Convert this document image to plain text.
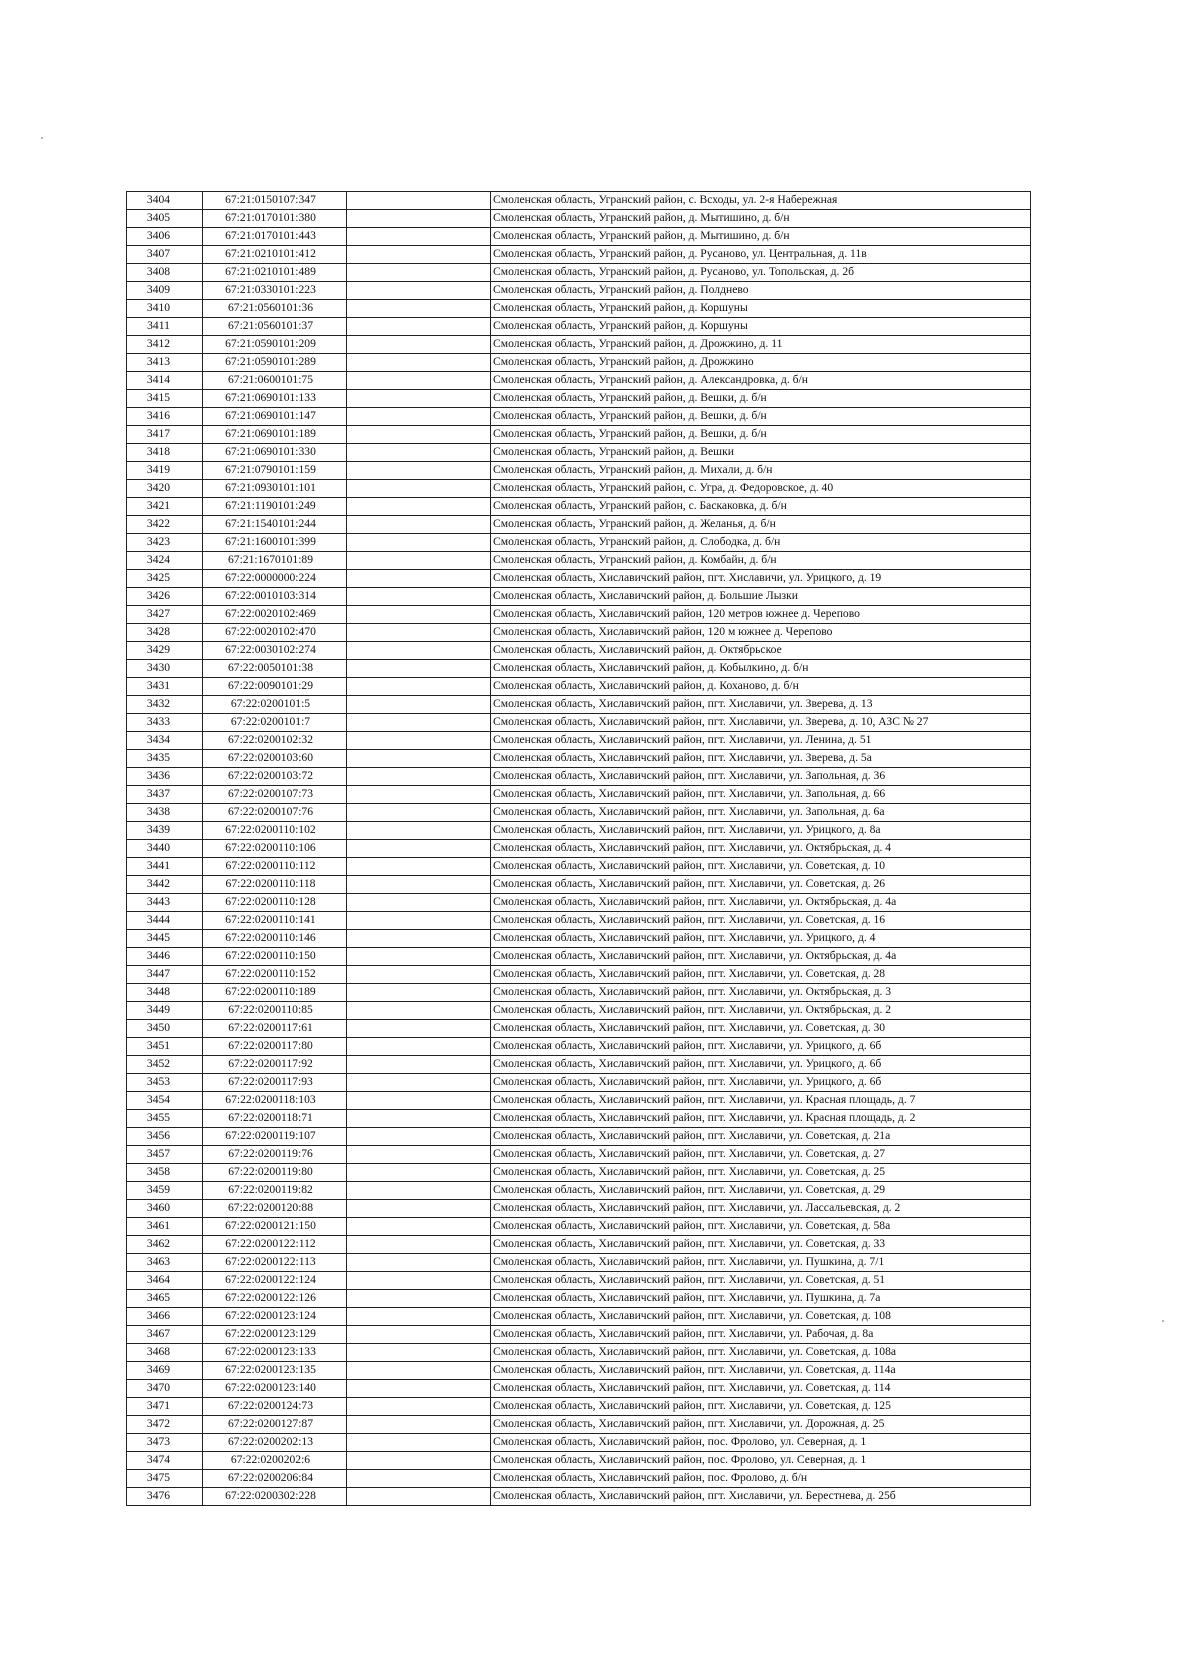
3404	67:21:0150107:347		Смоленская область, Угранский район, с. Всходы, ул. 2-я Набережная
3405	67:21:0170101:380		Смоленская область, Угранский район, д. Мытишино, д. б/н
3406	67:21:0170101:443		Смоленская область, Угранский район, д. Мытишино, д. б/н
3407	67:21:0210101:412		Смоленская область, Угранский район, д. Русаново, ул. Центральная, д. 11в
3408	67:21:0210101:489		Смоленская область, Угранский район, д. Русаново, ул. Топольская, д. 2б
3409	67:21:0330101:223		Смоленская область, Угранский район, д. Полднево
3410	67:21:0560101:36		Смоленская область, Угранский район, д. Коршуны
3411	67:21:0560101:37		Смоленская область, Угранский район, д. Коршуны
3412	67:21:0590101:209		Смоленская область, Угранский район, д. Дрожжино, д. 11
3413	67:21:0590101:289		Смоленская область, Угранский район, д. Дрожжино
3414	67:21:0600101:75		Смоленская область, Угранский район, д. Александровка, д. б/н
3415	67:21:0690101:133		Смоленская область, Угранский район, д. Вешки, д. б/н
3416	67:21:0690101:147		Смоленская область, Угранский район, д. Вешки, д. б/н
3417	67:21:0690101:189		Смоленская область, Угранский район, д. Вешки, д. б/н
3418	67:21:0690101:330		Смоленская область, Угранский район, д. Вешки
3419	67:21:0790101:159		Смоленская область, Угранский район, д. Михали, д. б/н
3420	67:21:0930101:101		Смоленская область, Угранский район, с. Угра, д. Федоровское, д. 40
3421	67:21:1190101:249		Смоленская область, Угранский район, с. Баскаковка, д. б/н
3422	67:21:1540101:244		Смоленская область, Угранский район, д. Желанья, д. б/н
3423	67:21:1600101:399		Смоленская область, Угранский район, д. Слободка, д. б/н
3424	67:21:1670101:89		Смоленская область, Угранский район, д. Комбайн, д. б/н
3425	67:22:0000000:224		Смоленская область, Хиславичский район, пгт. Хиславичи, ул. Урицкого, д. 19
3426	67:22:0010103:314		Смоленская область, Хиславичский район, д. Большие Лызки
3427	67:22:0020102:469		Смоленская область, Хиславичский район, 120 метров южнее д. Черепово
3428	67:22:0020102:470		Смоленская область, Хиславичский район, 120 м южнее д. Черепово
3429	67:22:0030102:274		Смоленская область, Хиславичский район, д. Октябрьское
3430	67:22:0050101:38		Смоленская область, Хиславичский район, д. Кобылкино, д. б/н
3431	67:22:0090101:29		Смоленская область, Хиславичский район, д. Коханово, д. б/н
3432	67:22:0200101:5		Смоленская область, Хиславичский район, пгт. Хиславичи, ул. Зверева, д. 13
3433	67:22:0200101:7		Смоленская область, Хиславичский район, пгт. Хиславичи, ул. Зверева, д. 10, АЗС № 27
3434	67:22:0200102:32		Смоленская область, Хиславичский район, пгт. Хиславичи, ул. Ленина, д. 51
3435	67:22:0200103:60		Смоленская область, Хиславичский район, пгт. Хиславичи, ул. Зверева, д. 5а
3436	67:22:0200103:72		Смоленская область, Хиславичский район, пгт. Хиславичи, ул. Запольная, д. 36
3437	67:22:0200107:73		Смоленская область, Хиславичский район, пгт. Хиславичи, ул. Запольная, д. 66
3438	67:22:0200107:76		Смоленская область, Хиславичский район, пгт. Хиславичи, ул. Запольная, д. 6а
3439	67:22:0200110:102		Смоленская область, Хиславичский район, пгт. Хиславичи, ул. Урицкого, д. 8а
3440	67:22:0200110:106		Смоленская область, Хиславичский район, пгт. Хиславичи, ул. Октябрьская, д. 4
3441	67:22:0200110:112		Смоленская область, Хиславичский район, пгт. Хиславичи, ул. Советская, д. 10
3442	67:22:0200110:118		Смоленская область, Хиславичский район, пгт. Хиславичи, ул. Советская, д. 26
3443	67:22:0200110:128		Смоленская область, Хиславичский район, пгт. Хиславичи, ул. Октябрьская, д. 4а
3444	67:22:0200110:141		Смоленская область, Хиславичский район, пгт. Хиславичи, ул. Советская, д. 16
3445	67:22:0200110:146		Смоленская область, Хиславичский район, пгт. Хиславичи, ул. Урицкого, д. 4
3446	67:22:0200110:150		Смоленская область, Хиславичский район, пгт. Хиславичи, ул. Октябрьская, д. 4а
3447	67:22:0200110:152		Смоленская область, Хиславичский район, пгт. Хиславичи, ул. Советская, д. 28
3448	67:22:0200110:189		Смоленская область, Хиславичский район, пгт. Хиславичи, ул. Октябрьская, д. 3
3449	67:22:0200110:85		Смоленская область, Хиславичский район, пгт. Хиславичи, ул. Октябрьская, д. 2
3450	67:22:0200117:61		Смоленская область, Хиславичский район, пгт. Хиславичи, ул. Советская, д. 30
3451	67:22:0200117:80		Смоленская область, Хиславичский район, пгт. Хиславичи, ул. Урицкого, д. 6б
3452	67:22:0200117:92		Смоленская область, Хиславичский район, пгт. Хиславичи, ул. Урицкого, д. 6б
3453	67:22:0200117:93		Смоленская область, Хиславичский район, пгт. Хиславичи, ул. Урицкого, д. 6б
3454	67:22:0200118:103		Смоленская область, Хиславичский район, пгт. Хиславичи, ул. Красная площадь, д. 7
3455	67:22:0200118:71		Смоленская область, Хиславичский район, пгт. Хиславичи, ул. Красная площадь, д. 2
3456	67:22:0200119:107		Смоленская область, Хиславичский район, пгт. Хиславичи, ул. Советская, д. 21а
3457	67:22:0200119:76		Смоленская область, Хиславичский район, пгт. Хиславичи, ул. Советская, д. 27
3458	67:22:0200119:80		Смоленская область, Хиславичский район, пгт. Хиславичи, ул. Советская, д. 25
3459	67:22:0200119:82		Смоленская область, Хиславичский район, пгт. Хиславичи, ул. Советская, д. 29
3460	67:22:0200120:88		Смоленская область, Хиславичский район, пгт. Хиславичи, ул. Лассальевская, д. 2
3461	67:22:0200121:150		Смоленская область, Хиславичский район, пгт. Хиславичи, ул. Советская, д. 58а
3462	67:22:0200122:112		Смоленская область, Хиславичский район, пгт. Хиславичи, ул. Советская, д. 33
3463	67:22:0200122:113		Смоленская область, Хиславичский район, пгт. Хиславичи, ул. Пушкина, д. 7/1
3464	67:22:0200122:124		Смоленская область, Хиславичский район, пгт. Хиславичи, ул. Советская, д. 51
3465	67:22:0200122:126		Смоленская область, Хиславичский район, пгт. Хиславичи, ул. Пушкина, д. 7а
3466	67:22:0200123:124		Смоленская область, Хиславичский район, пгт. Хиславичи, ул. Советская, д. 108
3467	67:22:0200123:129		Смоленская область, Хиславичский район, пгт. Хиславичи, ул. Рабочая, д. 8а
3468	67:22:0200123:133		Смоленская область, Хиславичский район, пгт. Хиславичи, ул. Советская, д. 108а
3469	67:22:0200123:135		Смоленская область, Хиславичский район, пгт. Хиславичи, ул. Советская, д. 114а
3470	67:22:0200123:140		Смоленская область, Хиславичский район, пгт. Хиславичи, ул. Советская, д. 114
3471	67:22:0200124:73		Смоленская область, Хиславичский район, пгт. Хиславичи, ул. Советская, д. 125
3472	67:22:0200127:87		Смоленская область, Хиславичский район, пгт. Хиславичи, ул. Дорожная, д. 25
3473	67:22:0200202:13		Смоленская область, Хиславичский район, пос. Фролово, ул. Северная, д. 1
3474	67:22:0200202:6		Смоленская область, Хиславичский район, пос. Фролово, ул. Северная, д. 1
3475	67:22:0200206:84		Смоленская область, Хиславичский район, пос. Фролово, д. б/н
3476	67:22:0200302:228		Смоленская область, Хиславичский район, пгт. Хиславичи, ул. Берестнева, д. 25б
